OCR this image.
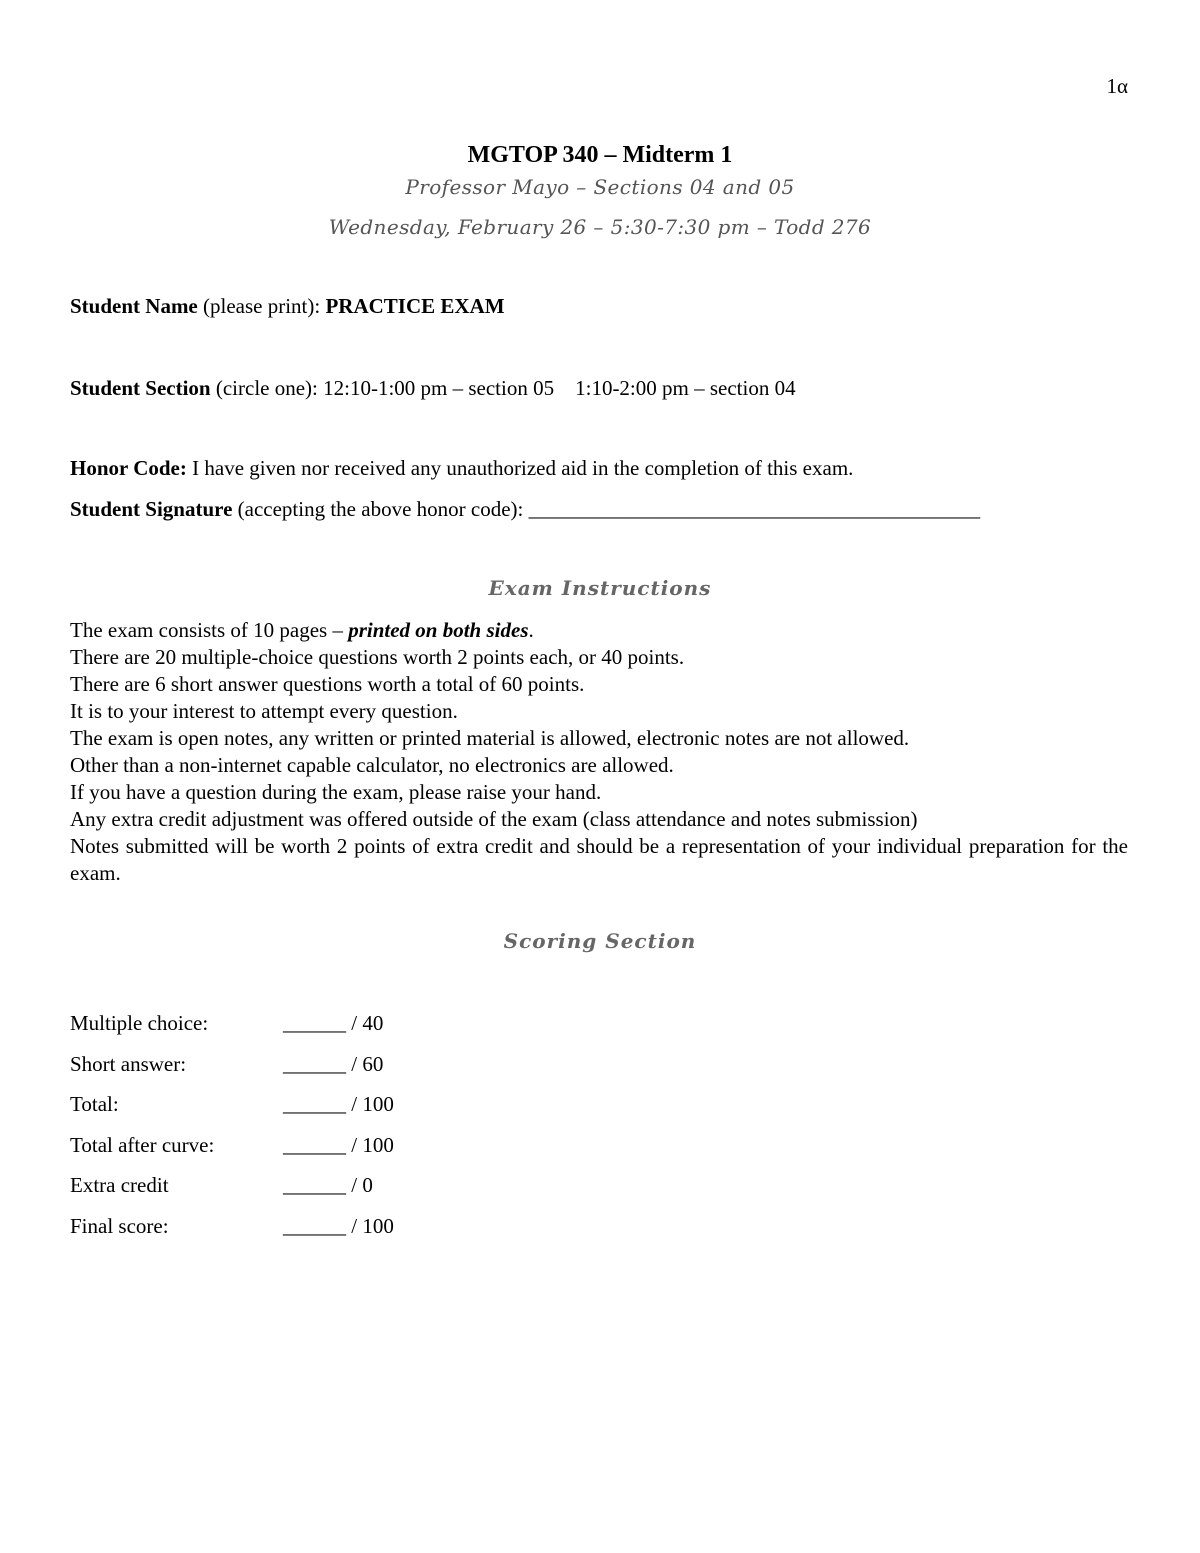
1α

MGTOP 340 – Midterm 1

Professor Mayo – Sections 04 and 05

Wednesday, February 26 – 5:30-7:30 pm – Todd 276

Student Name (please print): PRACTICE EXAM
Student Section (circle one): 12:10-1:00 pm – section 05    1:10-2:00 pm – section 04
Honor Code: I have given nor received any unauthorized aid in the completion of this exam.
Student Signature (accepting the above honor code): ___________________________________________
Exam Instructions

The exam consists of 10 pages – printed on both sides.

There are 20 multiple-choice questions worth 2 points each, or 40 points.

There are 6 short answer questions worth a total of 60 points.

It is to your interest to attempt every question.

The exam is open notes, any written or printed material is allowed, electronic notes are not allowed.

Other than a non-internet capable calculator, no electronics are allowed.

If you have a question during the exam, please raise your hand.

Any extra credit adjustment was offered outside of the exam (class attendance and notes submission)

Notes submitted will be worth 2 points of extra credit and should be a representation of your individual preparation for the exam.

Scoring Section
Multiple choice:	______ / 40
Short answer:	______ / 60
Total:	______ / 100
Total after curve:	______ / 100
Extra credit	______ / 0
Final score:	______ / 100
